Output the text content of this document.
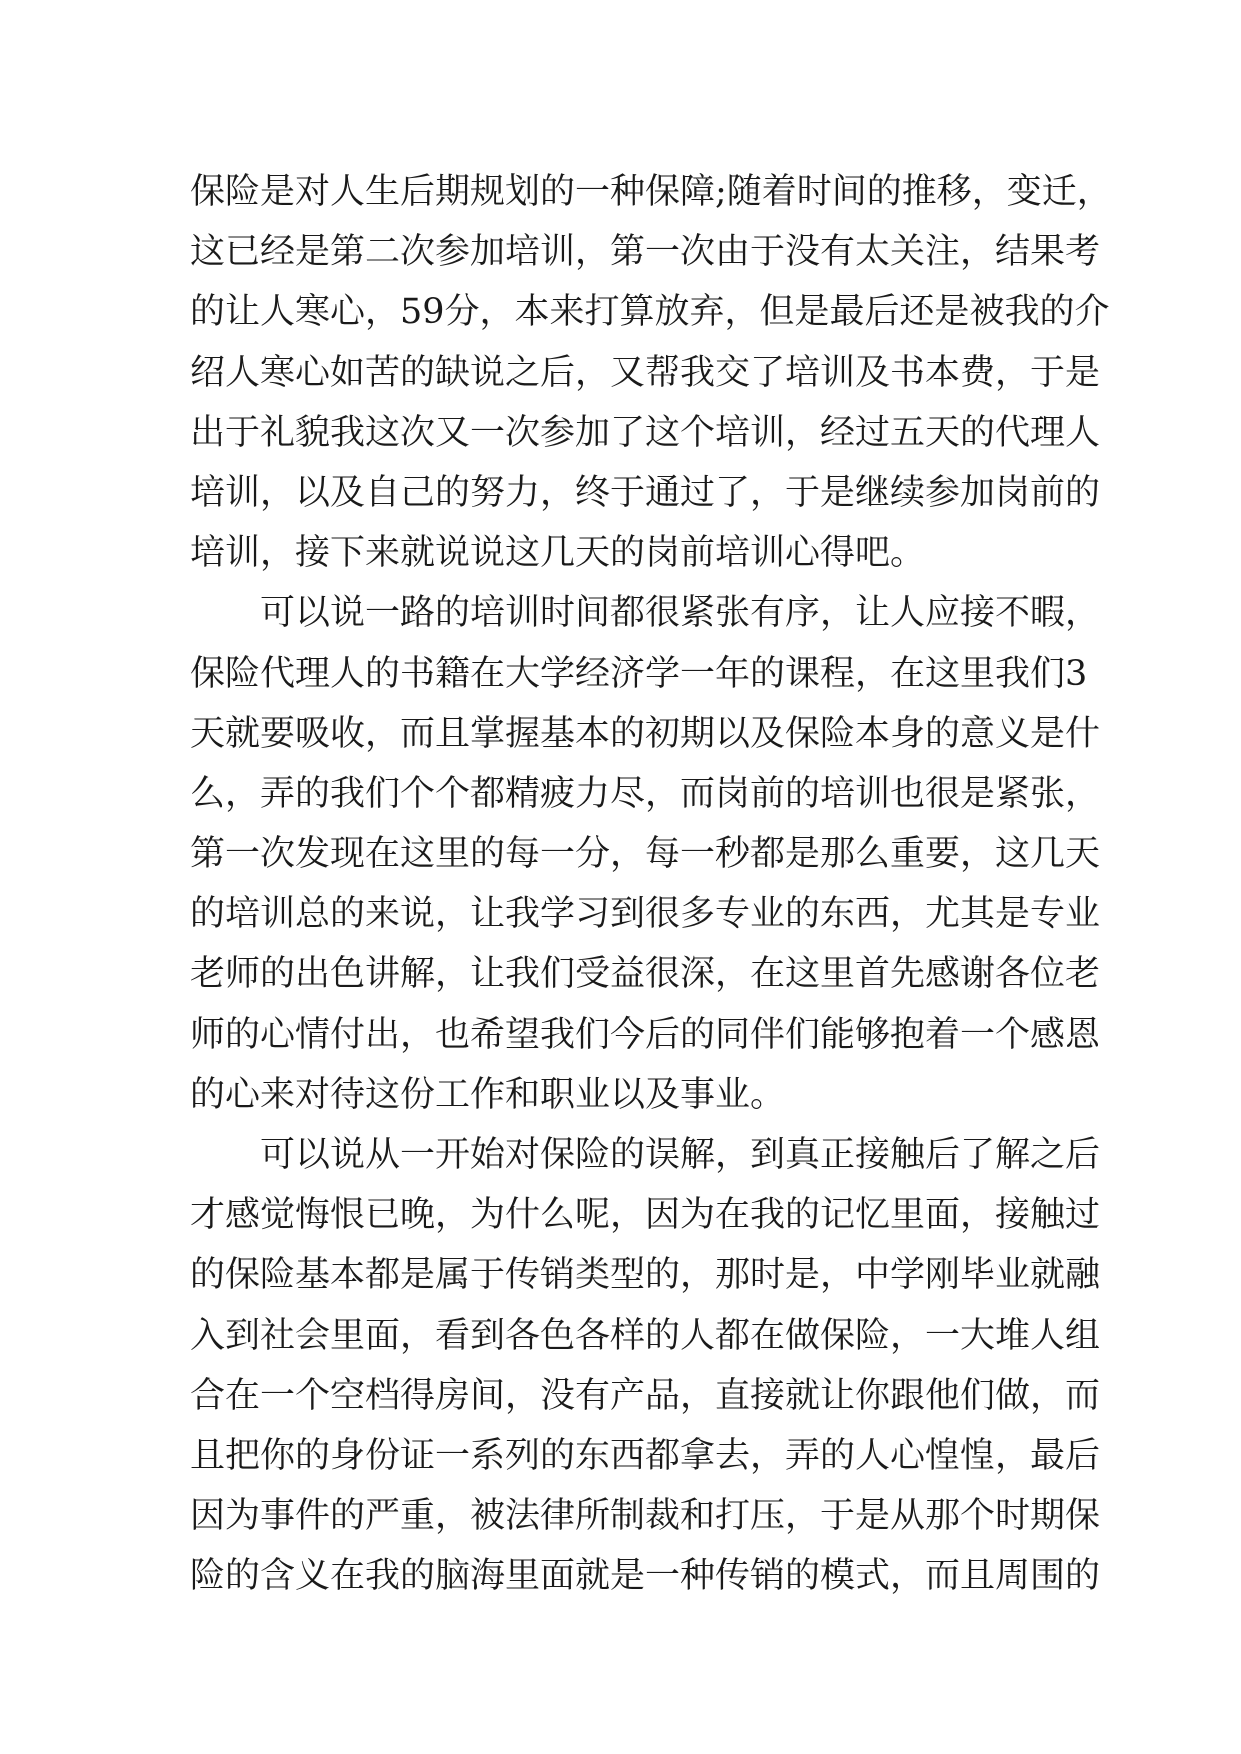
保险是对人生后期规划的一种保障;随着时间的推移，变迁，
这已经是第二次参加培训，第一次由于没有太关注，结果考
的让人寒心，59分，本来打算放弃，但是最后还是被我的介
绍人寒心如苦的缺说之后，又帮我交了培训及书本费，于是
出于礼貌我这次又一次参加了这个培训，经过五天的代理人
培训，以及自己的努力，终于通过了，于是继续参加岗前的
培训，接下来就说说这几天的岗前培训心得吧。
可以说一路的培训时间都很紧张有序，让人应接不暇，
保险代理人的书籍在大学经济学一年的课程，在这里我们3
天就要吸收，而且掌握基本的初期以及保险本身的意义是什
么，弄的我们个个都精疲力尽，而岗前的培训也很是紧张，
第一次发现在这里的每一分，每一秒都是那么重要，这几天
的培训总的来说，让我学习到很多专业的东西，尤其是专业
老师的出色讲解，让我们受益很深，在这里首先感谢各位老
师的心情付出，也希望我们今后的同伴们能够抱着一个感恩
的心来对待这份工作和职业以及事业。
可以说从一开始对保险的误解，到真正接触后了解之后
才感觉悔恨已晚，为什么呢，因为在我的记忆里面，接触过
的保险基本都是属于传销类型的，那时是，中学刚毕业就融
入到社会里面，看到各色各样的人都在做保险，一大堆人组
合在一个空档得房间，没有产品，直接就让你跟他们做，而
且把你的身份证一系列的东西都拿去，弄的人心惶惶，最后
因为事件的严重，被法律所制裁和打压，于是从那个时期保
险的含义在我的脑海里面就是一种传销的模式，而且周围的
